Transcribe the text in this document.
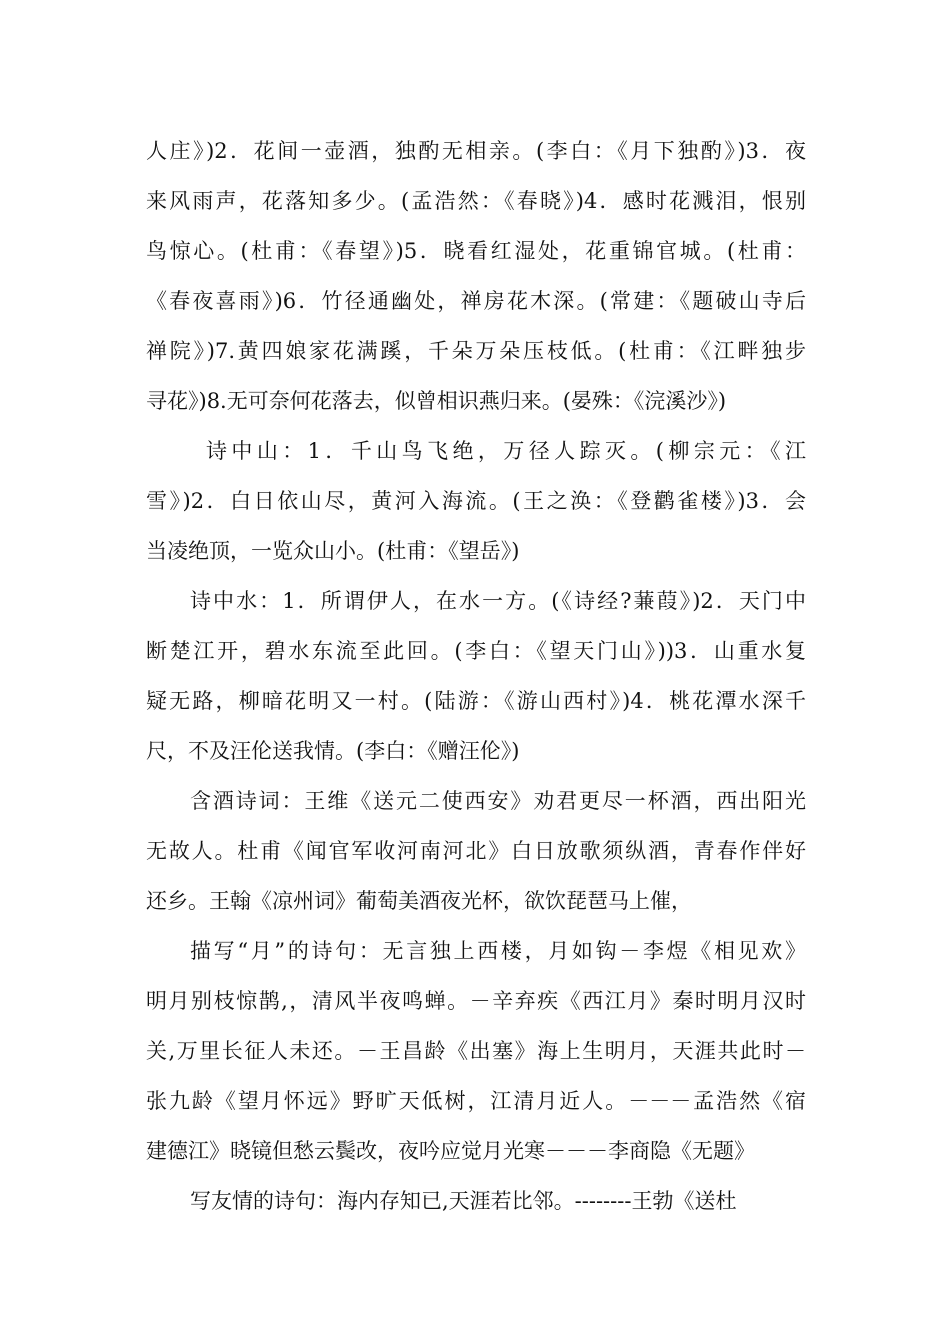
人庄》)2．花间一壶酒，独酌无相亲。(李白：《月下独酌》)3．夜
来风雨声，花落知多少。(孟浩然：《春晓》)4．感时花溅泪，恨别
鸟惊心。(杜甫：《春望》)5．晓看红湿处，花重锦官城。(杜甫：
《春夜喜雨》)6．竹径通幽处，禅房花木深。(常建：《题破山寺后
禅院》)7.黄四娘家花满蹊，千朵万朵压枝低。(杜甫：《江畔独步
寻花》)8.无可奈何花落去，似曾相识燕归来。(晏殊：《浣溪沙》)
诗中山：1．千山鸟飞绝，万径人踪灭。(柳宗元：《江
雪》)2．白日依山尽，黄河入海流。(王之涣：《登鹳雀楼》)3．会
当凌绝顶，一览众山小。(杜甫：《望岳》)
诗中水：1．所谓伊人，在水一方。(《诗经?蒹葭》)2．天门中
断楚江开，碧水东流至此回。(李白：《望天门山》))3．山重水复
疑无路，柳暗花明又一村。(陆游：《游山西村》)4．桃花潭水深千
尺，不及汪伦送我情。(李白：《赠汪伦》)
含酒诗词：王维《送元二使西安》劝君更尽一杯酒，西出阳光
无故人。杜甫《闻官军收河南河北》白日放歌须纵酒，青春作伴好
还乡。王翰《凉州词》葡萄美酒夜光杯，欲饮琵琶马上催，
描写“月”的诗句：无言独上西楼，月如钩－李煜《相见欢》
明月别枝惊鹊,，清风半夜鸣蝉。－辛弃疾《西江月》秦时明月汉时
关,万里长征人未还。－王昌龄《出塞》海上生明月，天涯共此时－
张九龄《望月怀远》野旷天低树，江清月近人。－－－孟浩然《宿
建德江》晓镜但愁云鬓改，夜吟应觉月光寒－－－李商隐《无题》
写友情的诗句：海内存知已,天涯若比邻。--------王勃《送杜
